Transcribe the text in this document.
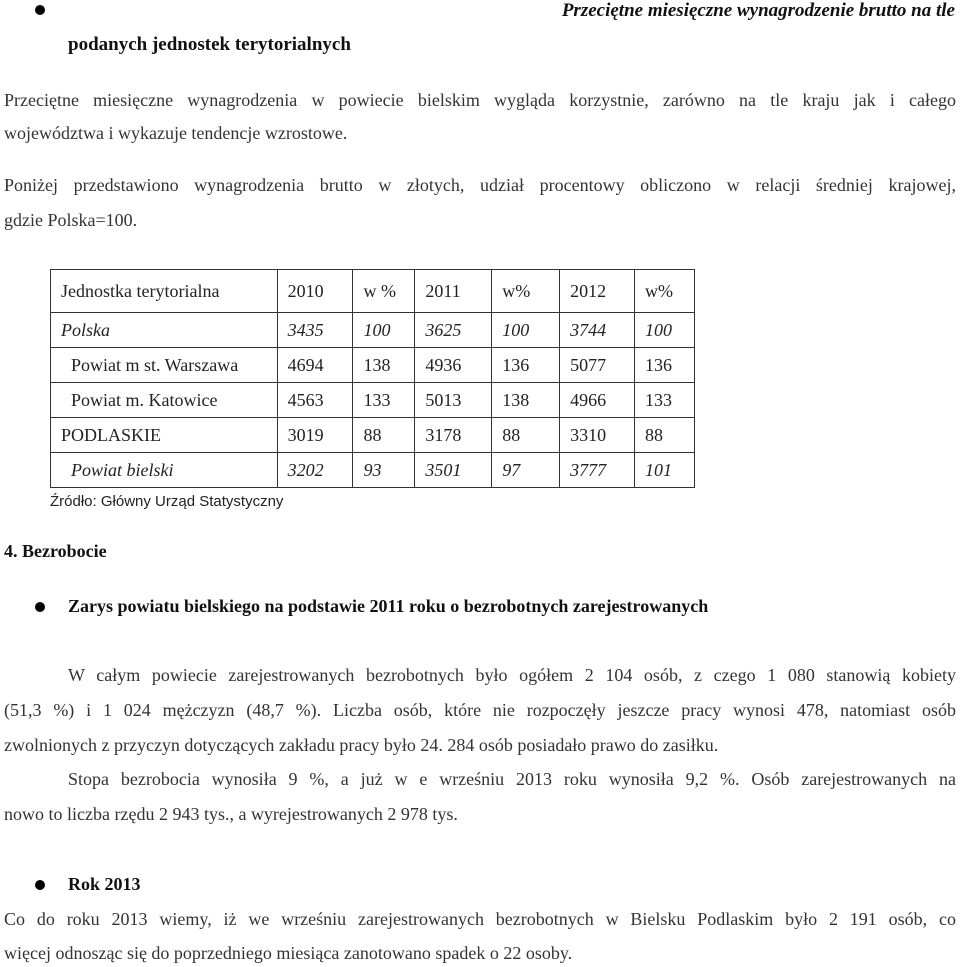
Przeciętne miesięczne wynagrodzenie brutto na tle
podanych jednostek terytorialnych
Przeciętne miesięczne wynagrodzenia w powiecie bielskim wygląda korzystnie, zarówno na tle kraju jak i całego
województwa i wykazuje tendencje wzrostowe.
Poniżej przedstawiono wynagrodzenia brutto w złotych, udział procentowy obliczono w relacji średniej krajowej,
gdzie Polska=100.
Jednostka terytorialna	2010	w %	2011	w%	2012	w%
Polska	3435	100	3625	100	3744	100
Powiat m st. Warszawa	4694	138	4936	136	5077	136
Powiat m. Katowice	4563	133	5013	138	4966	133
PODLASKIE	3019	88	3178	88	3310	88
Powiat bielski	3202	93	3501	97	3777	101
Źródło: Główny Urząd Statystyczny
4. Bezrobocie
Zarys powiatu bielskiego na podstawie 2011 roku o bezrobotnych zarejestrowanych
W całym powiecie zarejestrowanych bezrobotnych było ogółem 2 104 osób, z czego 1 080 stanowią kobiety
(51,3 %) i 1 024 mężczyzn (48,7 %). Liczba osób, które nie rozpoczęły jeszcze pracy wynosi 478, natomiast osób
zwolnionych z przyczyn dotyczących zakładu pracy było 24. 284 osób posiadało prawo do zasiłku.
Stopa bezrobocia wynosiła 9 %, a już w e wrześniu 2013 roku wynosiła 9,2 %. Osób zarejestrowanych na
nowo to liczba rzędu 2 943 tys., a wyrejestrowanych 2 978 tys.
Rok 2013
Co do roku 2013 wiemy, iż we wrześniu zarejestrowanych bezrobotnych w Bielsku Podlaskim było 2 191 osób, co
więcej odnosząc się do poprzedniego miesiąca zanotowano spadek o 22 osoby.
